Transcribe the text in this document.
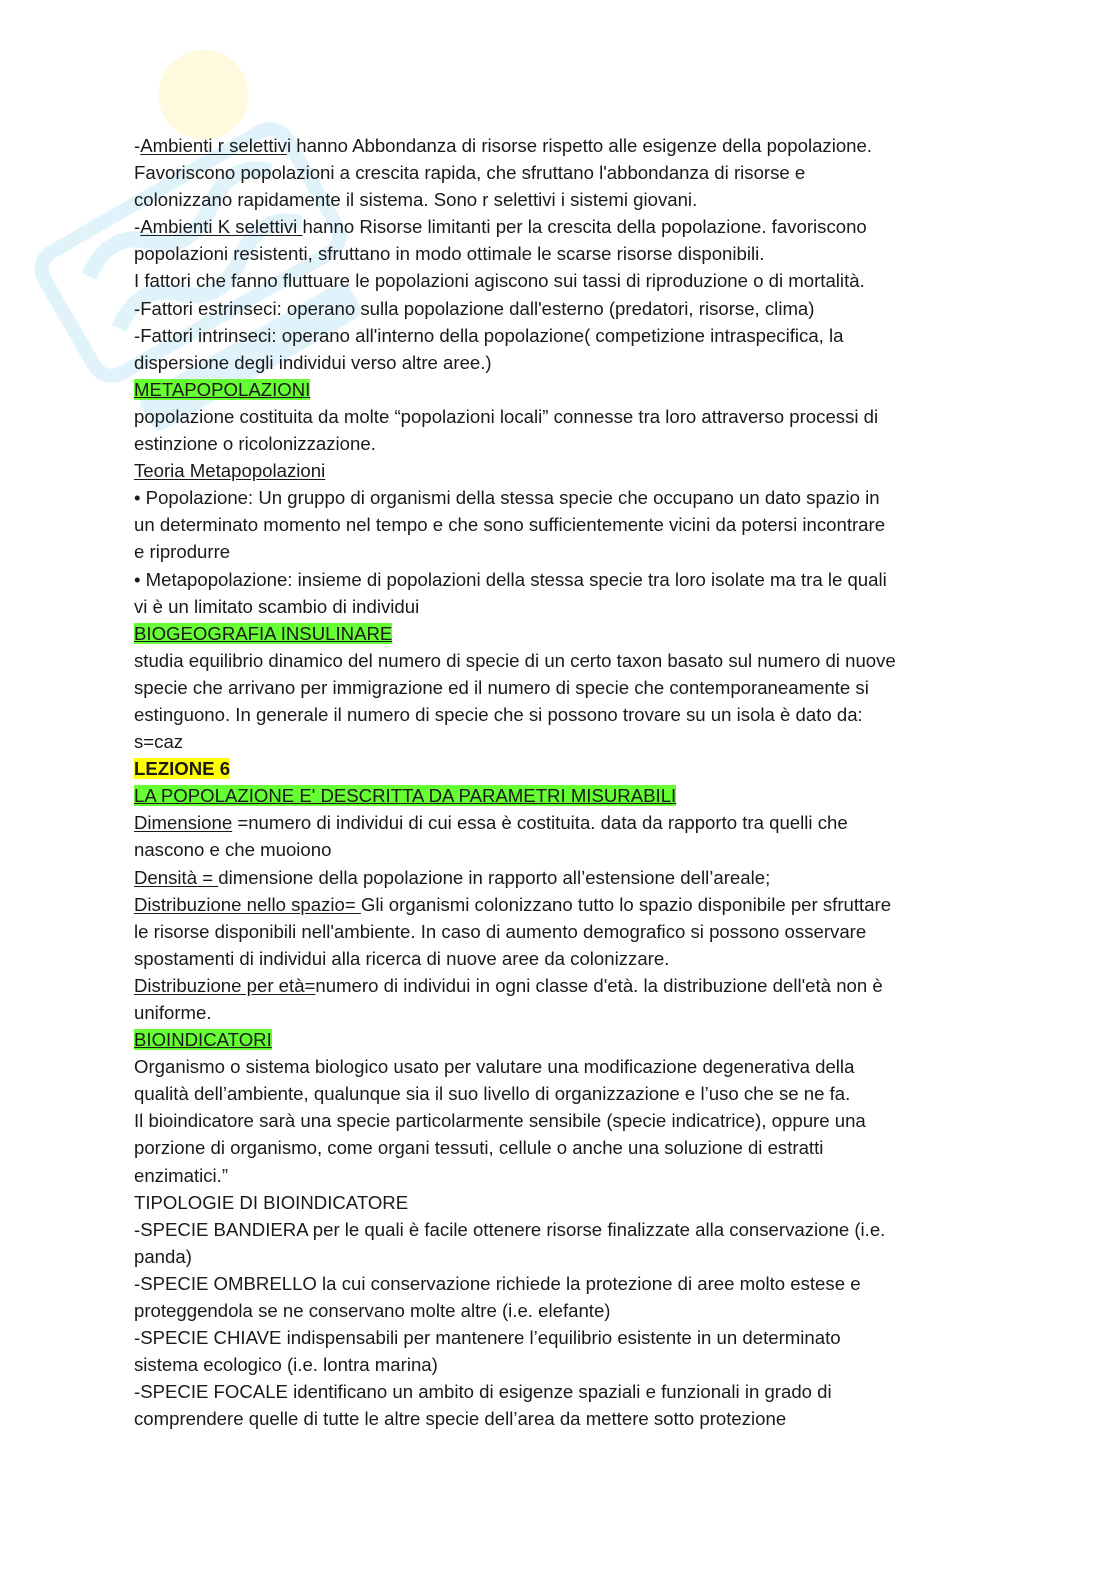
-Ambienti r selettivi hanno Abbondanza di risorse rispetto alle esigenze della popolazione.
Favoriscono popolazioni a crescita rapida, che sfruttano l'abbondanza di risorse e
colonizzano rapidamente il sistema. Sono r selettivi i sistemi giovani.
-Ambienti K selettivi hanno Risorse limitanti per la crescita della popolazione. favoriscono
popolazioni resistenti, sfruttano in modo ottimale le scarse risorse disponibili.
I fattori che fanno fluttuare le popolazioni agiscono sui tassi di riproduzione o di mortalità.
-Fattori estrinseci: operano sulla popolazione dall'esterno (predatori, risorse, clima)
-Fattori intrinseci: operano all'interno della popolazione( competizione intraspecifica, la
dispersione degli individui verso altre aree.)
METAPOPOLAZIONI
popolazione costituita da molte “popolazioni locali” connesse tra loro attraverso processi di
estinzione o ricolonizzazione.
Teoria Metapopolazioni
• Popolazione: Un gruppo di organismi della stessa specie che occupano un dato spazio in
un determinato momento nel tempo e che sono sufficientemente vicini da potersi incontrare
e riprodurre
• Metapopolazione: insieme di popolazioni della stessa specie tra loro isolate ma tra le quali
vi è un limitato scambio di individui
BIOGEOGRAFIA INSULINARE
studia equilibrio dinamico del numero di specie di un certo taxon basato sul numero di nuove
specie che arrivano per immigrazione ed il numero di specie che contemporaneamente si
estinguono. In generale il numero di specie che si possono trovare su un isola è dato da:
s=caz
LEZIONE 6
LA POPOLAZIONE E' DESCRITTA DA PARAMETRI MISURABILI
Dimensione =numero di individui di cui essa è costituita. data da rapporto tra quelli che
nascono e che muoiono
Densità = dimensione della popolazione in rapporto all’estensione dell’areale;
Distribuzione nello spazio= Gli organismi colonizzano tutto lo spazio disponibile per sfruttare
le risorse disponibili nell'ambiente. In caso di aumento demografico si possono osservare
spostamenti di individui alla ricerca di nuove aree da colonizzare.
Distribuzione per età=numero di individui in ogni classe d'età. la distribuzione dell'età non è
uniforme.
BIOINDICATORI
Organismo o sistema biologico usato per valutare una modificazione degenerativa della
qualità dell’ambiente, qualunque sia il suo livello di organizzazione e l’uso che se ne fa.
Il bioindicatore sarà una specie particolarmente sensibile (specie indicatrice), oppure una
porzione di organismo, come organi tessuti, cellule o anche una soluzione di estratti
enzimatici.”
TIPOLOGIE DI BIOINDICATORE
-SPECIE BANDIERA per le quali è facile ottenere risorse finalizzate alla conservazione (i.e.
panda)
-SPECIE OMBRELLO la cui conservazione richiede la protezione di aree molto estese e
proteggendola se ne conservano molte altre (i.e. elefante)
-SPECIE CHIAVE indispensabili per mantenere l’equilibrio esistente in un determinato
sistema ecologico (i.e. lontra marina)
-SPECIE FOCALE identificano un ambito di esigenze spaziali e funzionali in grado di
comprendere quelle di tutte le altre specie dell’area da mettere sotto protezione
